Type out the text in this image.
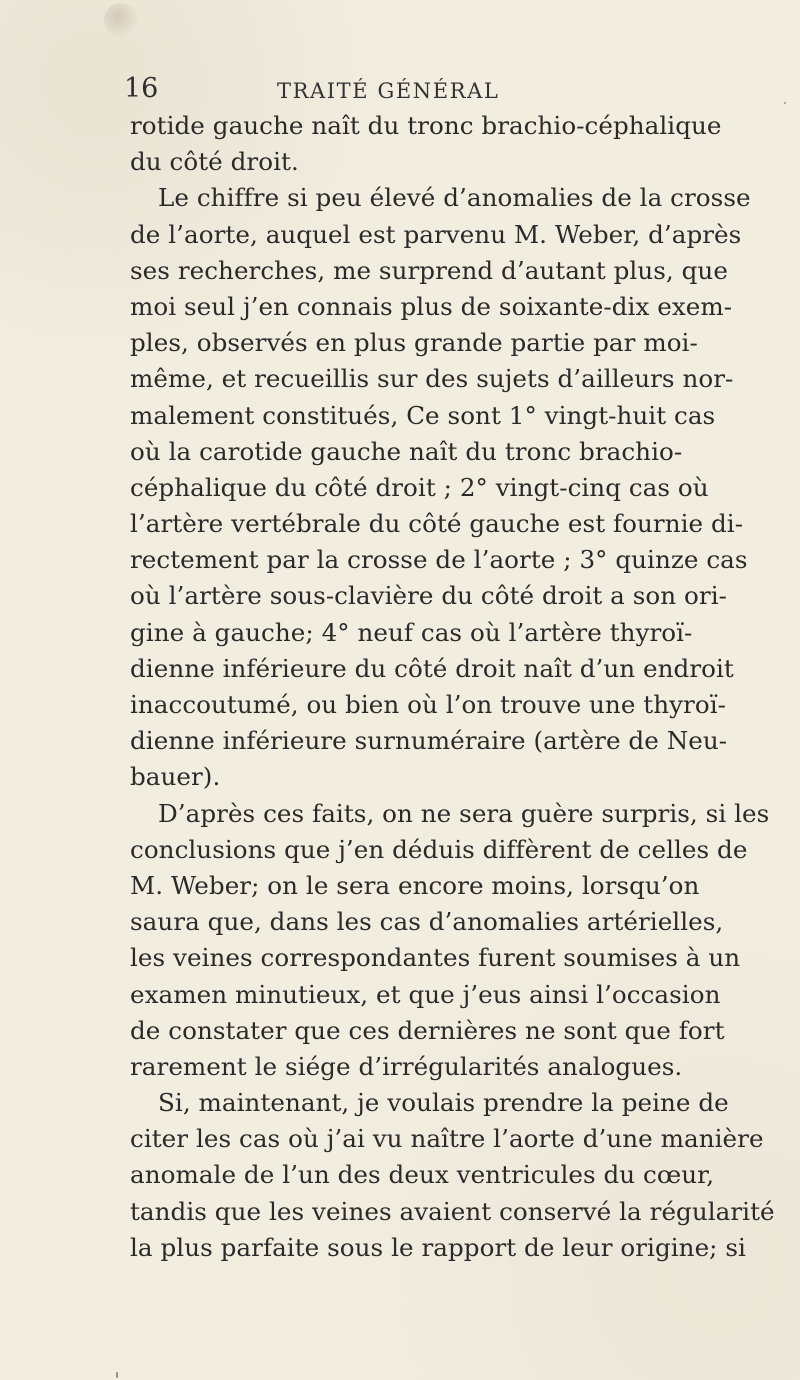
16	TRAITÉ GÉNÉRAL
rotide gauche naît du tronc brachio-céphalique
du côté droit.
Le chiffre si peu élevé d’anomalies de la crosse
de l’aorte, auquel est parvenu M. Weber, d’après
ses recherches, me surprend d’autant plus, que
moi seul j’en connais plus de soixante-dix exem-
ples, observés en plus grande partie par moi-
même, et recueillis sur des sujets d’ailleurs nor-
malement constitués, Ce sont 1° vingt-huit cas
où la carotide gauche naît du tronc brachio-
céphalique du côté droit ; 2° vingt-cinq cas où
l’artère vertébrale du côté gauche est fournie di-
rectement par la crosse de l’aorte ; 3° quinze cas
où l’artère sous-clavière du côté droit a son ori-
gine à gauche; 4° neuf cas où l’artère thyroï-
dienne inférieure du côté droit naît d’un endroit
inaccoutumé, ou bien où l’on trouve une thyroï-
dienne inférieure surnuméraire (artère de Neu-
bauer).
D’après ces faits, on ne sera guère surpris, si les
conclusions que j’en déduis diffèrent de celles de
M. Weber; on le sera encore moins, lorsqu’on
saura que, dans les cas d’anomalies artérielles,
les veines correspondantes furent soumises à un
examen minutieux, et que j’eus ainsi l’occasion
de constater que ces dernières ne sont que fort
rarement le siége d’irrégularités analogues.
Si, maintenant, je voulais prendre la peine de
citer les cas où j’ai vu naître l’aorte d’une manière
anomale de l’un des deux ventricules du cœur,
tandis que les veines avaient conservé la régularité
la plus parfaite sous le rapport de leur origine; si
